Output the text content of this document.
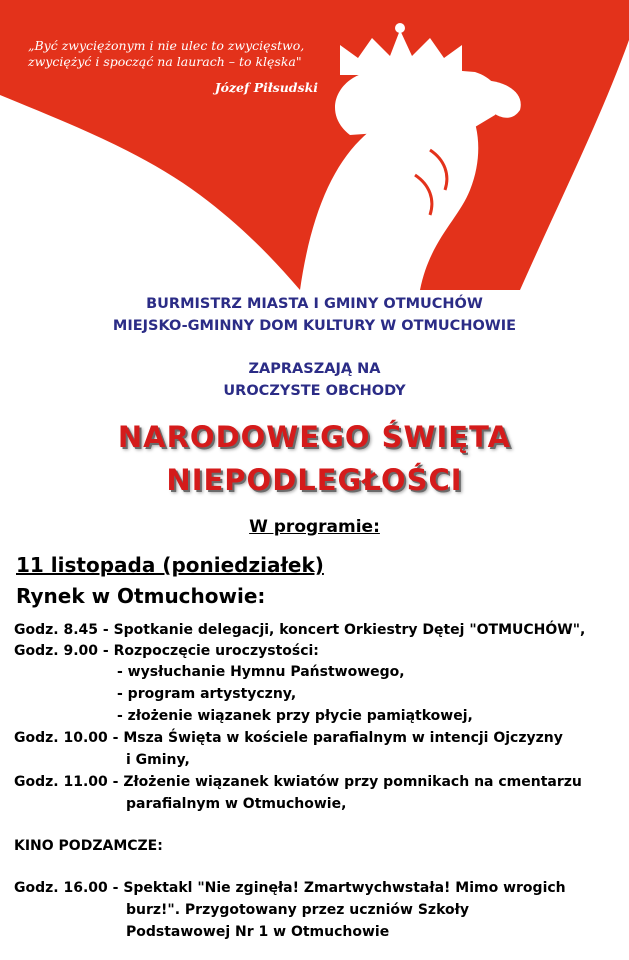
„Być zwyciężonym i nie ulec to zwycięstwo,
zwyciężyć i spocząć na laurach – to klęska"
Józef Piłsudski
BURMISTRZ MIASTA I GMINY OTMUCHÓW
MIEJSKO-GMINNY DOM KULTURY W OTMUCHOWIE
ZAPRASZAJĄ NA
UROCZYSTE OBCHODY
NARODOWEGO ŚWIĘTA
NIEPODLEGŁOŚCI
W programie:
11 listopada (poniedziałek)
Rynek w Otmuchowie:
Godz. 8.45 - Spotkanie delegacji, koncert Orkiestry Dętej "OTMUCHÓW",
Godz. 9.00 - Rozpoczęcie uroczystości:
- wysłuchanie Hymnu Państwowego,
- program artystyczny,
- złożenie wiązanek przy płycie pamiątkowej,
Godz. 10.00 - Msza Święta w kościele parafialnym w intencji Ojczyzny
i Gminy,
Godz. 11.00 - Złożenie wiązanek kwiatów przy pomnikach na cmentarzu
parafialnym w Otmuchowie,
KINO PODZAMCZE:
Godz. 16.00 - Spektakl "Nie zginęła! Zmartwychwstała! Mimo wrogich
burz!". Przygotowany przez uczniów Szkoły
Podstawowej Nr 1 w Otmuchowie
